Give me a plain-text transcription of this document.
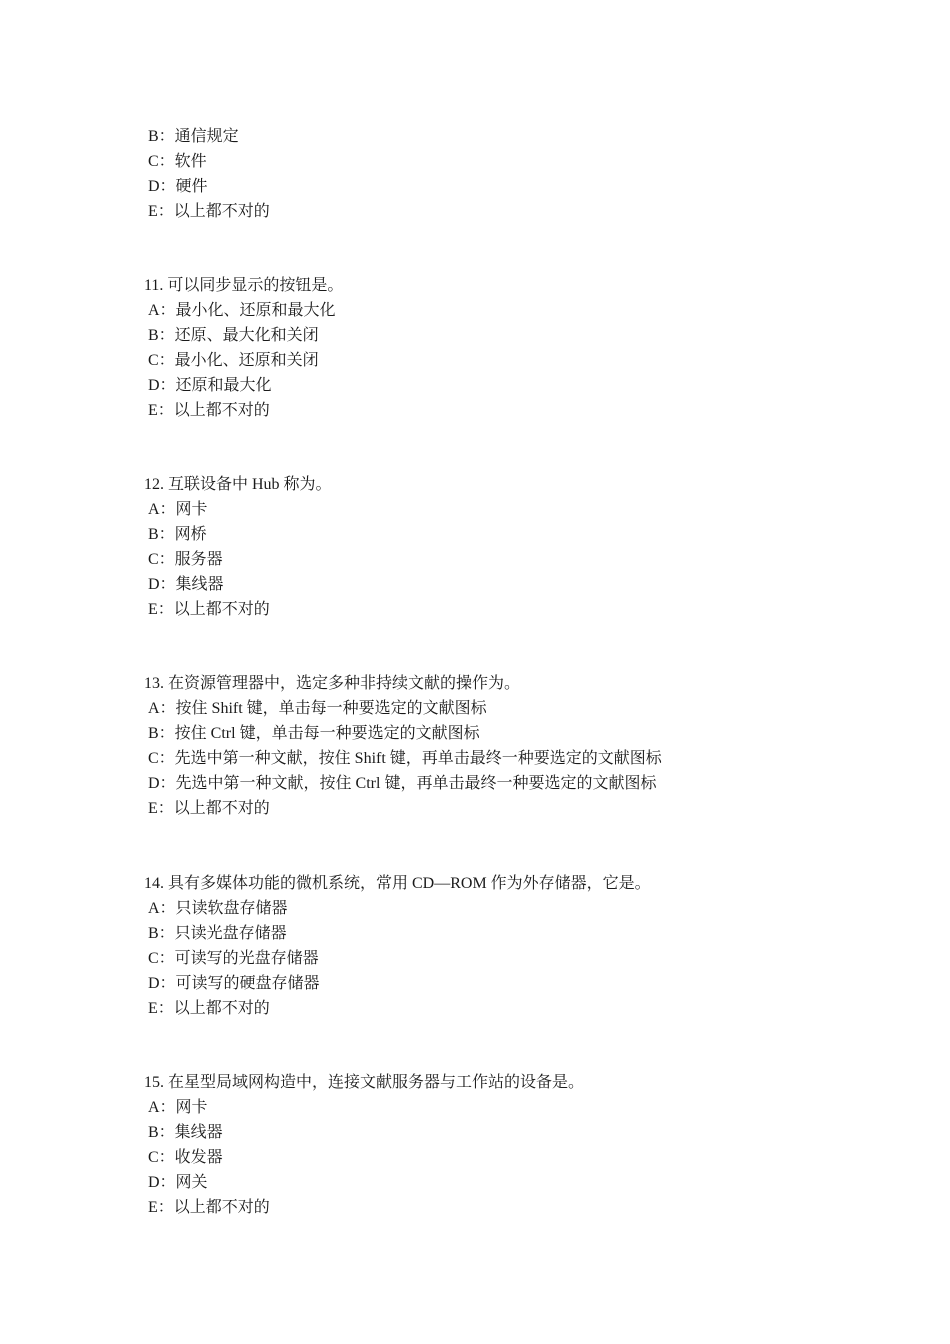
B：通信规定
C：软件
D：硬件
E：以上都不对的
11. 可以同步显示的按钮是。
A：最小化、还原和最大化
B：还原、最大化和关闭
C：最小化、还原和关闭
D：还原和最大化
E：以上都不对的
12. 互联设备中 Hub 称为。
A：网卡
B：网桥
C：服务器
D：集线器
E：以上都不对的
13. 在资源管理器中，选定多种非持续文献的操作为。
A：按住 Shift 键，单击每一种要选定的文献图标
B：按住 Ctrl 键，单击每一种要选定的文献图标
C：先选中第一种文献，按住 Shift 键，再单击最终一种要选定的文献图标
D：先选中第一种文献，按住 Ctrl 键，再单击最终一种要选定的文献图标
E：以上都不对的
14. 具有多媒体功能的微机系统，常用 CD—ROM 作为外存储器，它是。
A：只读软盘存储器
B：只读光盘存储器
C：可读写的光盘存储器
D：可读写的硬盘存储器
E：以上都不对的
15. 在星型局域网构造中，连接文献服务器与工作站的设备是。
A：网卡
B：集线器
C：收发器
D：网关
E：以上都不对的
